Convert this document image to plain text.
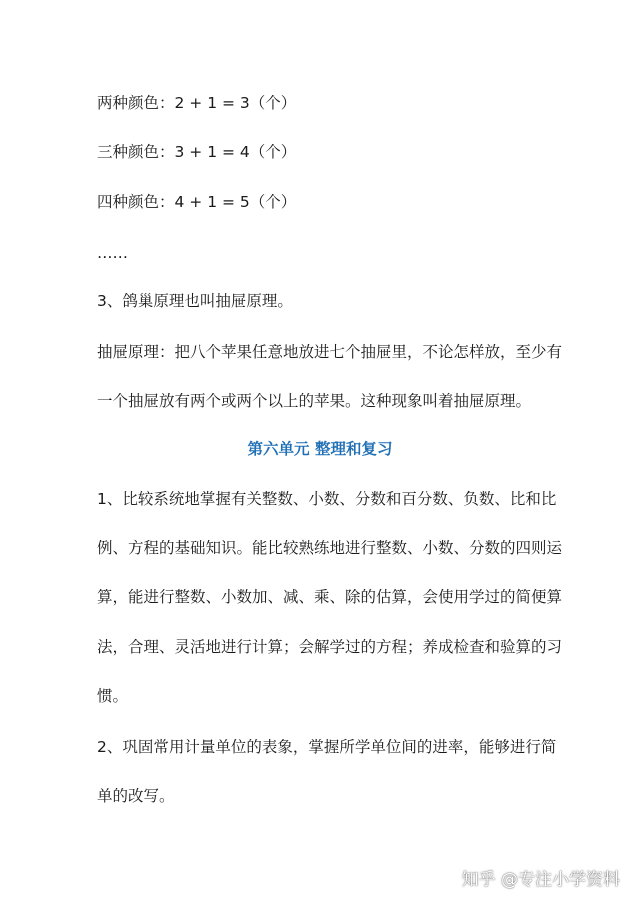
两种颜色：2 + 1 = 3（个）
三种颜色：3 + 1 = 4（个）
四种颜色：4 + 1 = 5（个）
……
3、鸽巢原理也叫抽屉原理。
抽屉原理：把八个苹果任意地放进七个抽屉里，不论怎样放，至少有
一个抽屉放有两个或两个以上的苹果。这种现象叫着抽屉原理。
第六单元 整理和复习
1、比较系统地掌握有关整数、小数、分数和百分数、负数、比和比
例、方程的基础知识。能比较熟练地进行整数、小数、分数的四则运
算，能进行整数、小数加、减、乘、除的估算，会使用学过的简便算
法，合理、灵活地进行计算；会解学过的方程；养成检查和验算的习
惯。
2、巩固常用计量单位的表象，掌握所学单位间的进率，能够进行简
单的改写。
知乎 @专注小学资料
